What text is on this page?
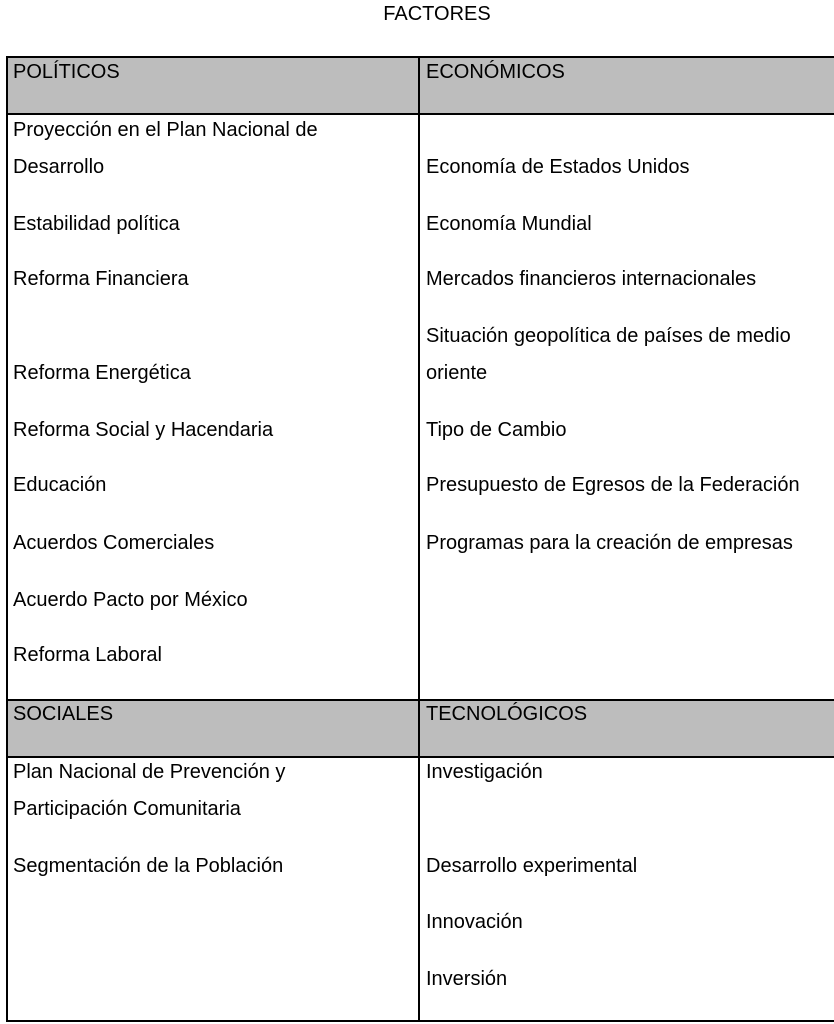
FACTORES
POLÍTICOS	ECONÓMICOS
SOCIALES	TECNOLÓGICOS
Proyección en el Plan Nacional de
Desarrollo
Estabilidad política
Reforma Financiera
Reforma Energética
Reforma Social y Hacendaria
Educación
Acuerdos Comerciales
Acuerdo Pacto por México
Reforma Laboral
Economía de Estados Unidos
Economía Mundial
Mercados financieros internacionales
Situación geopolítica de países de medio
oriente
Tipo de Cambio
Presupuesto de Egresos de la Federación
Programas para la creación de empresas
Plan Nacional de Prevención y
Participación Comunitaria
Segmentación de la Población
Investigación
Desarrollo experimental
Innovación
Inversión
